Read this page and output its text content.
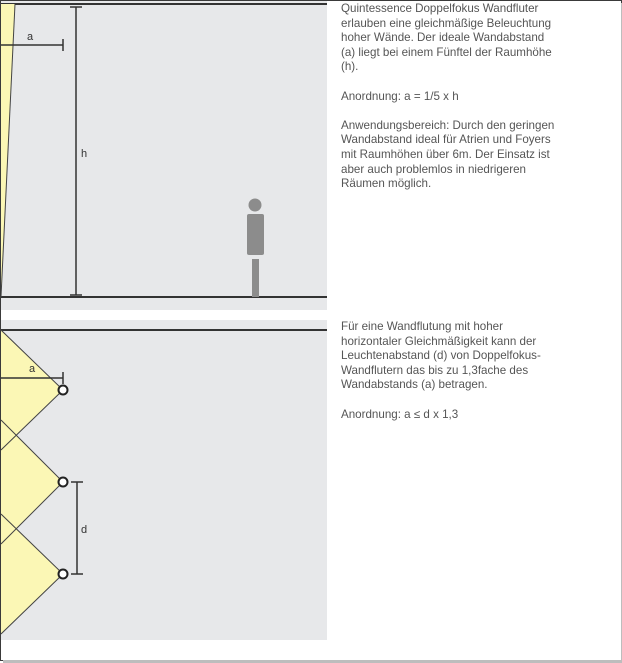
a
h

Quintessence Doppelfokus Wandfluter erlauben eine gleichmäßige Beleuchtung hoher Wände. Der ideale Wandabstand (a) liegt bei einem Fünftel der Raumhöhe (h).

Anordnung: a = 1/5 x h

Anwendungsbereich: Durch den geringen Wandabstand ideal für Atrien und Foyers mit Raumhöhen über 6m. Der Einsatz ist aber auch problemlos in niedrigeren Räumen möglich.

a
d

Für eine Wandflutung mit hoher horizontaler Gleichmäßigkeit kann der Leuchtenabstand (d) von Doppelfokus-Wandflutern das bis zu 1,3fache des Wandabstands (a) betragen.

Anordnung: a ≤ d x 1,3
